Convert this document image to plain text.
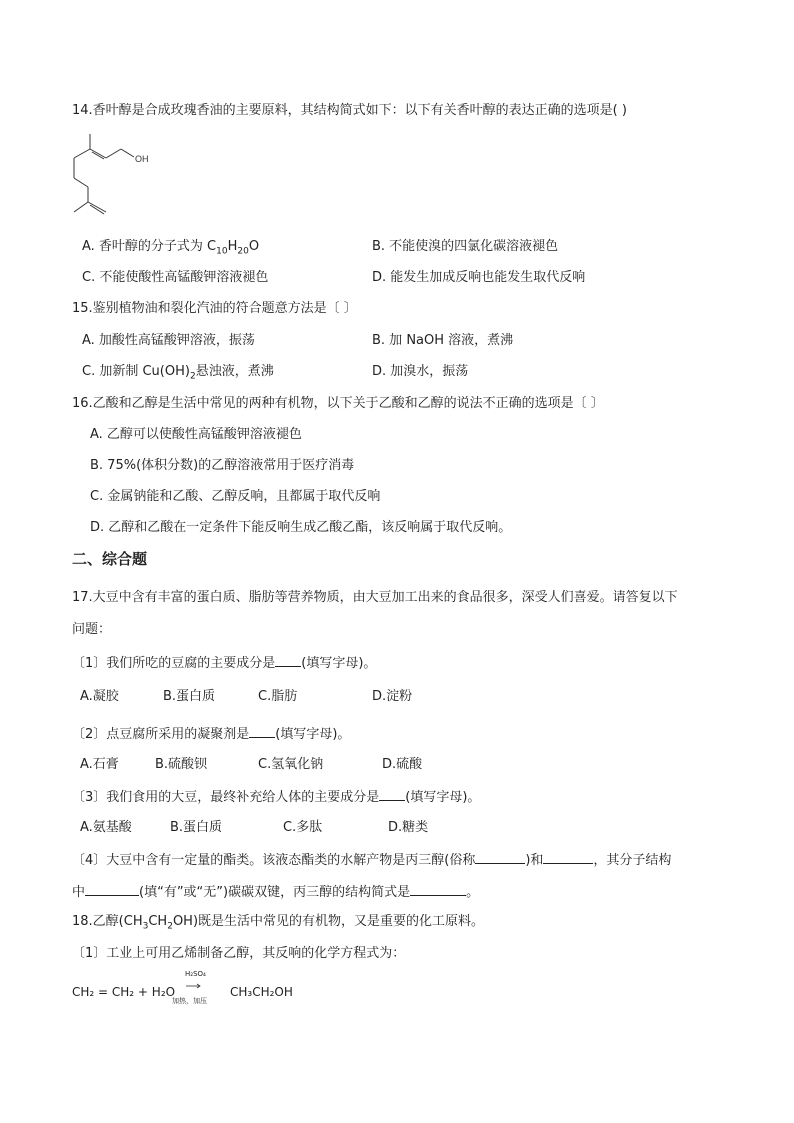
14.香叶醇是合成玫瑰香油的主要原料，其结构简式如下：以下有关香叶醇的表达正确的选项是( )
OH
A. 香叶醇的分子式为 $C_{10}H_{20}O$	B. 不能使溴的四氯化碳溶液褪色
C. 不能使酸性高锰酸钾溶液褪色	D. 能发生加成反响也能发生取代反响
15.鉴别植物油和裂化汽油的符合题意方法是〔 〕
A. 加酸性高锰酸钾溶液，振荡	B. 加 NaOH 溶液，煮沸
C. 加新制 $Cu(OH)_2$悬浊液，煮沸	D. 加溴水，振荡
16.乙酸和乙醇是生活中常见的两种有机物，以下关于乙酸和乙醇的说法不正确的选项是〔 〕
A. 乙醇可以使酸性高锰酸钾溶液褪色
B. 75%(体积分数)的乙醇溶液常用于医疗消毒
C. 金属钠能和乙酸、乙醇反响，且都属于取代反响
D. 乙醇和乙酸在一定条件下能反响生成乙酸乙酯，该反响属于取代反响。
二、综合题
17.大豆中含有丰富的蛋白质、脂肪等营养物质，由大豆加工出来的食品很多，深受人们喜爱。请答复以下
问题：
〔1〕我们所吃的豆腐的主要成分是 (填写字母)。
A.凝胶	B.蛋白质	C.脂肪	D.淀粉
〔2〕点豆腐所采用的凝聚剂是 (填写字母)。
A.石膏	B.硫酸钡	C.氢氧化钠	D.硫酸
〔3〕我们食用的大豆，最终补充给人体的主要成分是 (填写字母)。
A.氨基酸	B.蛋白质	C.多肽	D.糖类
〔4〕大豆中含有一定量的酯类。该液态酯类的水解产物是丙三醇(俗称	)和	，其分子结构
中	(填“有”或“无”)碳碳双键，丙三醇的结构简式是	。
18.乙醇$(CH_3CH_2OH)$既是生活中常见的有机物，又是重要的化工原料。
〔1〕工业上可用乙烯制备乙醇，其反响的化学方程式为：
CH₂ = CH₂ + H₂O
H₂SO₄
加热，加压
CH₃CH₂OH
